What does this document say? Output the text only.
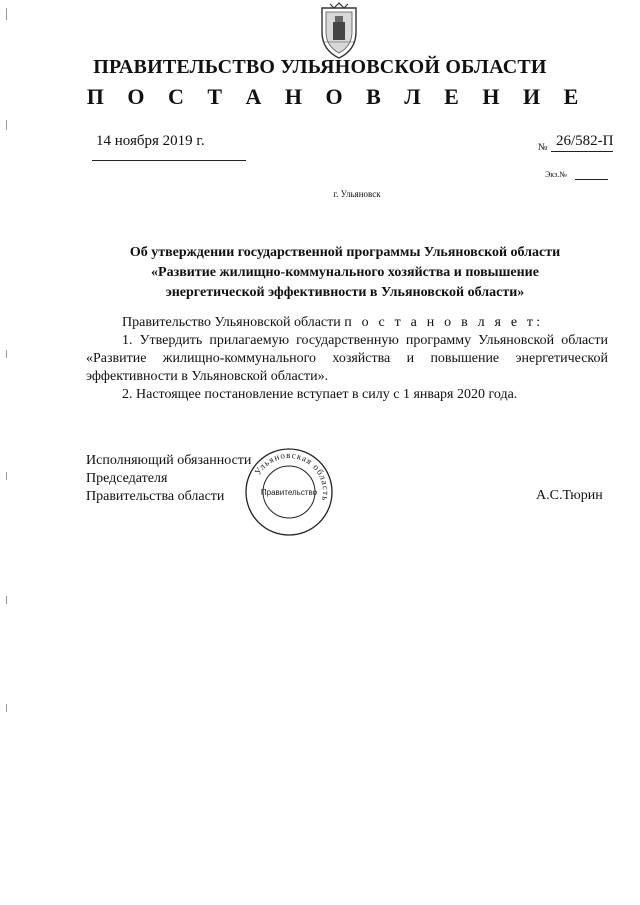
ПРАВИТЕЛЬСТВО УЛЬЯНОВСКОЙ ОБЛАСТИ
П О С Т А Н О В Л Е Н И Е
14 ноября 2019 г.	№ 26/582-П
Экз.№
г. Ульяновск
Об утверждении государственной программы Ульяновской области
«Развитие жилищно-коммунального хозяйства и повышение
энергетической эффективности в Ульяновской области»

Правительство Ульяновской области п о с т а н о в л я е т:

1. Утвердить прилагаемую государственную программу Ульяновской области «Развитие жилищно-коммунального хозяйства и повышение энергетической эффективности в Ульяновской области».

2. Настоящее постановление вступает в силу с 1 января 2020 года.

Исполняющий обязанности
Председателя
Правительства области	А.С.Тюрин
Ульяновская область
Правительство
